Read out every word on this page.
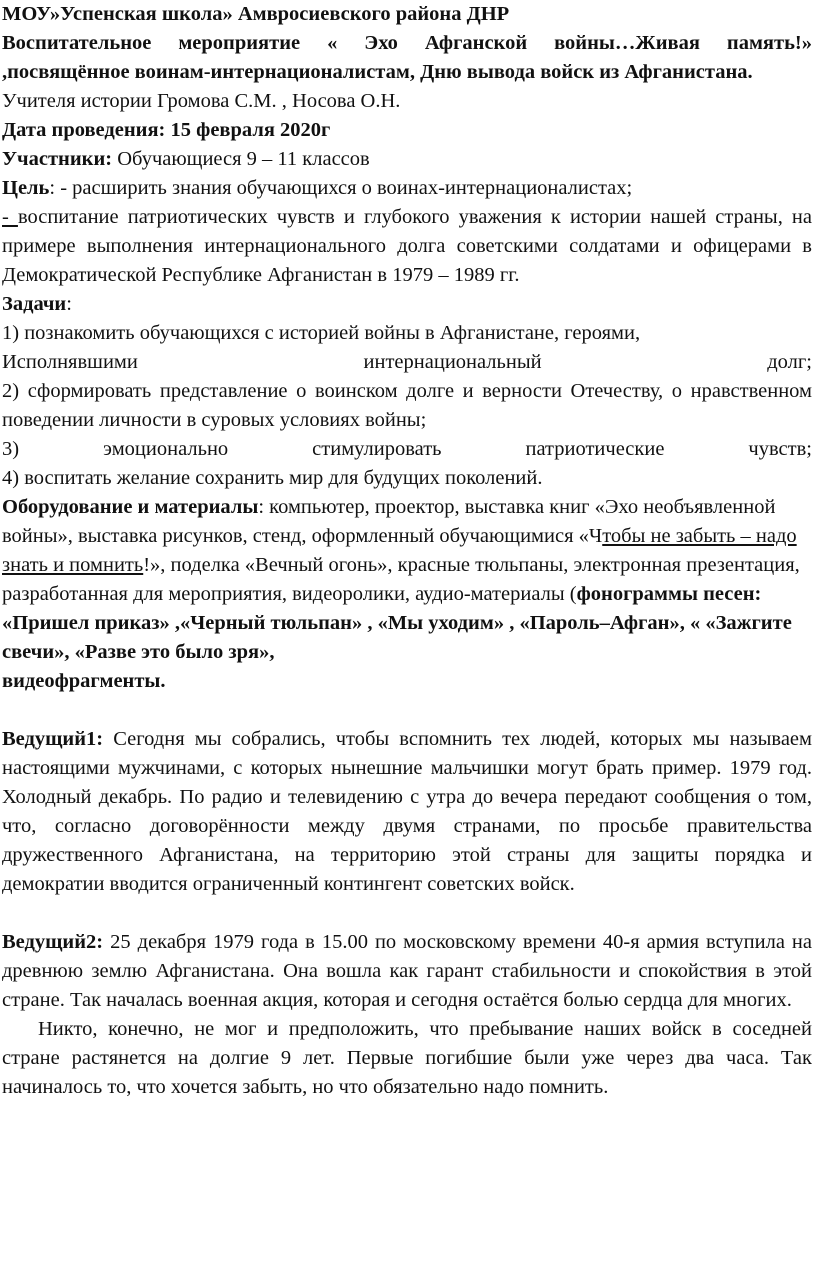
МОУ»Успенская школа» Амвросиевского района ДНР

Воспитательное мероприятие « Эхо Афганской войны…Живая память!» ,посвящённое воинам-интернационалистам, Дню вывода войск из Афганистана.

Учителя истории Громова С.М. , Носова О.Н.

Дата проведения: 15 февраля 2020г

Участники: Обучающиеся 9 – 11 классов

Цель: - расширить знания обучающихся о воинах-интернационалистах;

- воспитание патриотических чувств и глубокого уважения к истории нашей страны, на примере выполнения интернационального долга советскими солдатами и офицерами в Демократической Республике Афганистан в 1979 – 1989 гг.

Задачи:

1) познакомить обучающихся с историей войны в Афганистане, героями,

Исполнявшими интернациональный долг;

2) сформировать представление о воинском долге и верности Отечеству, о нравственном поведении личности в суровых условиях войны;

3) эмоционально стимулировать патриотические чувств;

4) воспитать желание сохранить мир для будущих поколений.

Оборудование и материалы: компьютер, проектор, выставка книг «Эхо необъявленной войны», выставка рисунков, стенд, оформленный обучающимися «Чтобы не забыть – надо знать и помнить!», поделка «Вечный огонь», красные тюльпаны, электронная презентация, разработанная для мероприятия, видеоролики, аудио-материалы (фонограммы песен: «Пришел приказ» ,«Черный тюльпан» , «Мы уходим» , «Пароль–Афган», « «Зажгите свечи», «Разве это было зря»,

видеофрагменты.

Ведущий1: Сегодня мы собрались, чтобы вспомнить тех людей, которых мы называем настоящими мужчинами, с которых нынешние мальчишки могут брать пример. 1979 год. Холодный декабрь. По радио и телевидению с утра до вечера передают сообщения о том, что, согласно договорённости между двумя странами, по просьбе правительства дружественного Афганистана, на территорию этой страны для защиты порядка и демократии вводится ограниченный контингент советских войск.

Ведущий2: 25 декабря 1979 года в 15.00 по московскому времени 40-я армия вступила на древнюю землю Афганистана. Она вошла как гарант стабильности и спокойствия в этой стране. Так началась военная акция, которая и сегодня остаётся болью сердца для многих.

Никто, конечно, не мог и предположить, что пребывание наших войск в соседней стране растянется на долгие 9 лет. Первые погибшие были уже через два часа. Так начиналось то, что хочется забыть, но что обязательно надо помнить.
